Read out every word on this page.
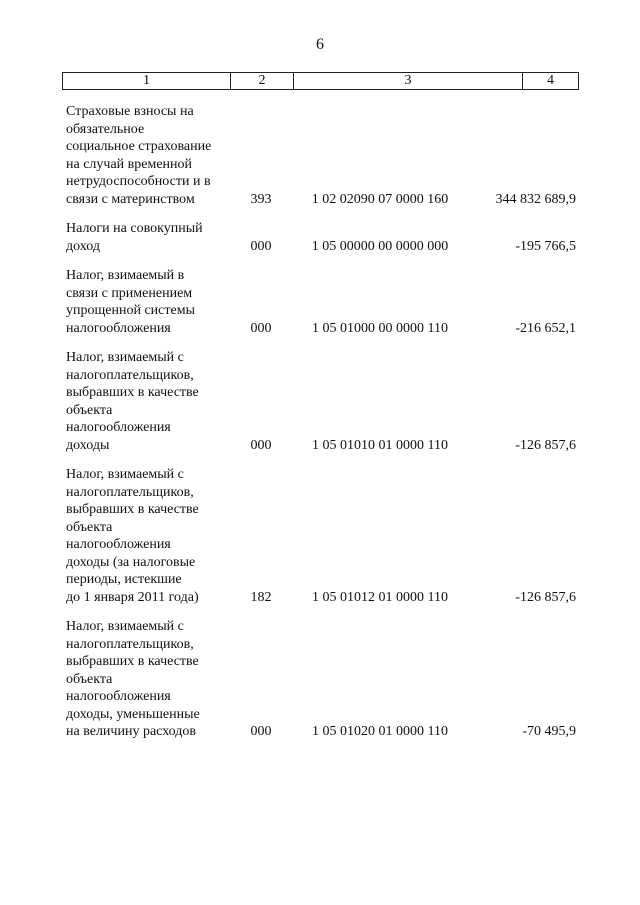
6
1	2	3	4
Страховые взносы на
обязательное
социальное страхование
на случай временной
нетрудоспособности и в
связи с материнством	393	1 02 02090 07 0000 160	344 832 689,9
Налоги на совокупный
доход	000	1 05 00000 00 0000 000	-195 766,5
Налог, взимаемый в
связи с применением
упрощенной системы
налогообложения	000	1 05 01000 00 0000 110	-216 652,1
Налог, взимаемый с
налогоплательщиков,
выбравших в качестве
объекта
налогообложения
доходы	000	1 05 01010 01 0000 110	-126 857,6
Налог, взимаемый с
налогоплательщиков,
выбравших в качестве
объекта
налогообложения
доходы (за налоговые
периоды, истекшие
до 1 января 2011 года)	182	1 05 01012 01 0000 110	-126 857,6
Налог, взимаемый с
налогоплательщиков,
выбравших в качестве
объекта
налогообложения
доходы, уменьшенные
на величину расходов	000	1 05 01020 01 0000 110	-70 495,9
